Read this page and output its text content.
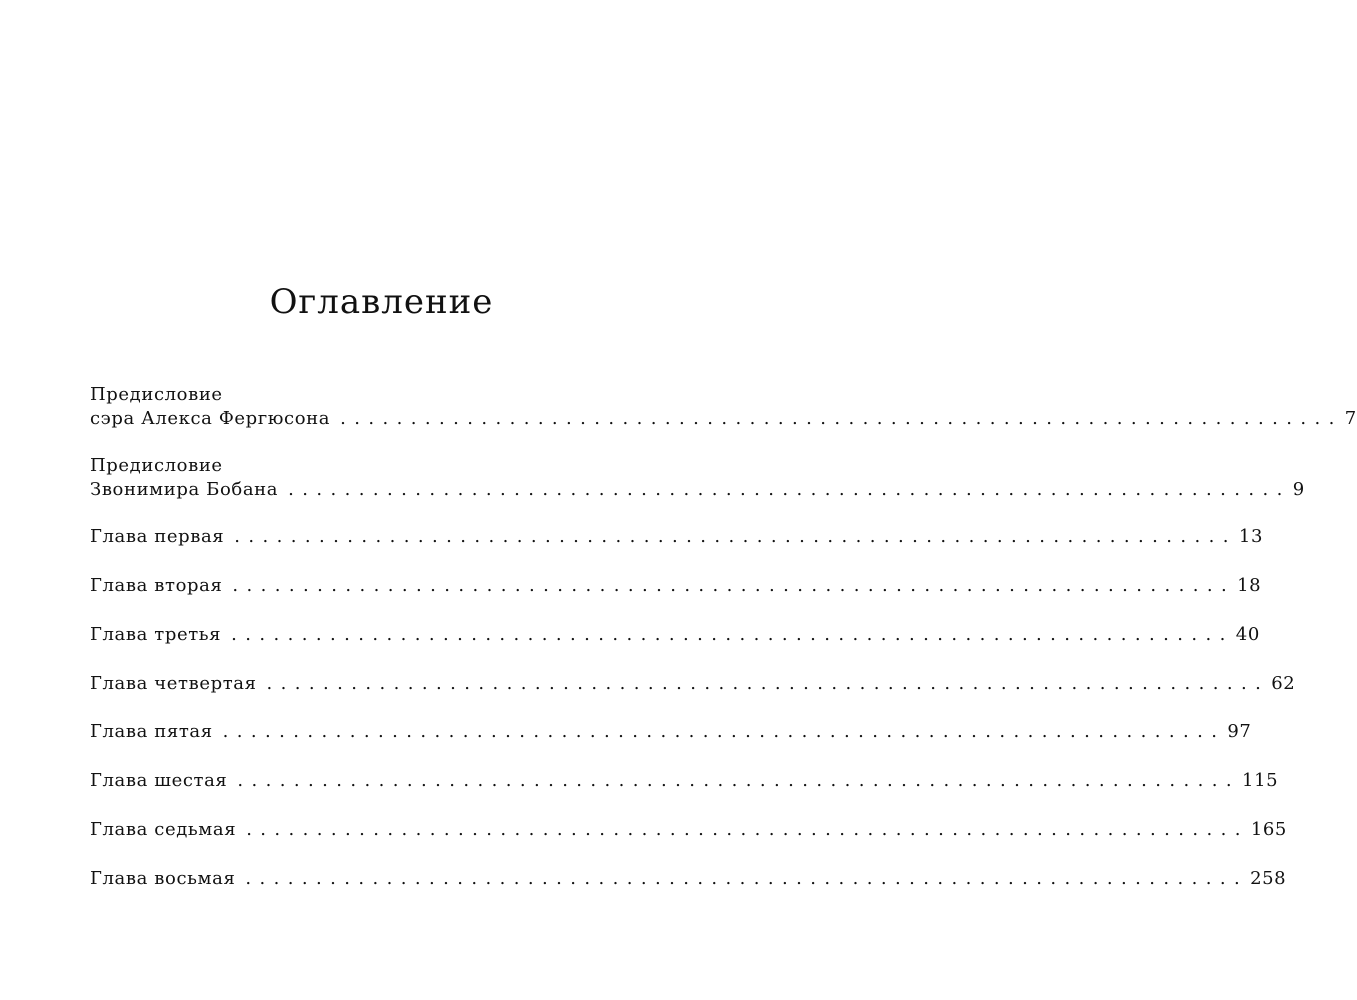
Оглавление
Предисловие
сэра Алекса Фергюсона ....................................................................... 7
Предисловие
Звонимира Бобана ....................................................................... 9
Глава первая ....................................................................... 13
Глава вторая ....................................................................... 18
Глава третья ....................................................................... 40
Глава четвертая ....................................................................... 62
Глава пятая ....................................................................... 97
Глава шестая ....................................................................... 115
Глава седьмая ....................................................................... 165
Глава восьмая ....................................................................... 258
